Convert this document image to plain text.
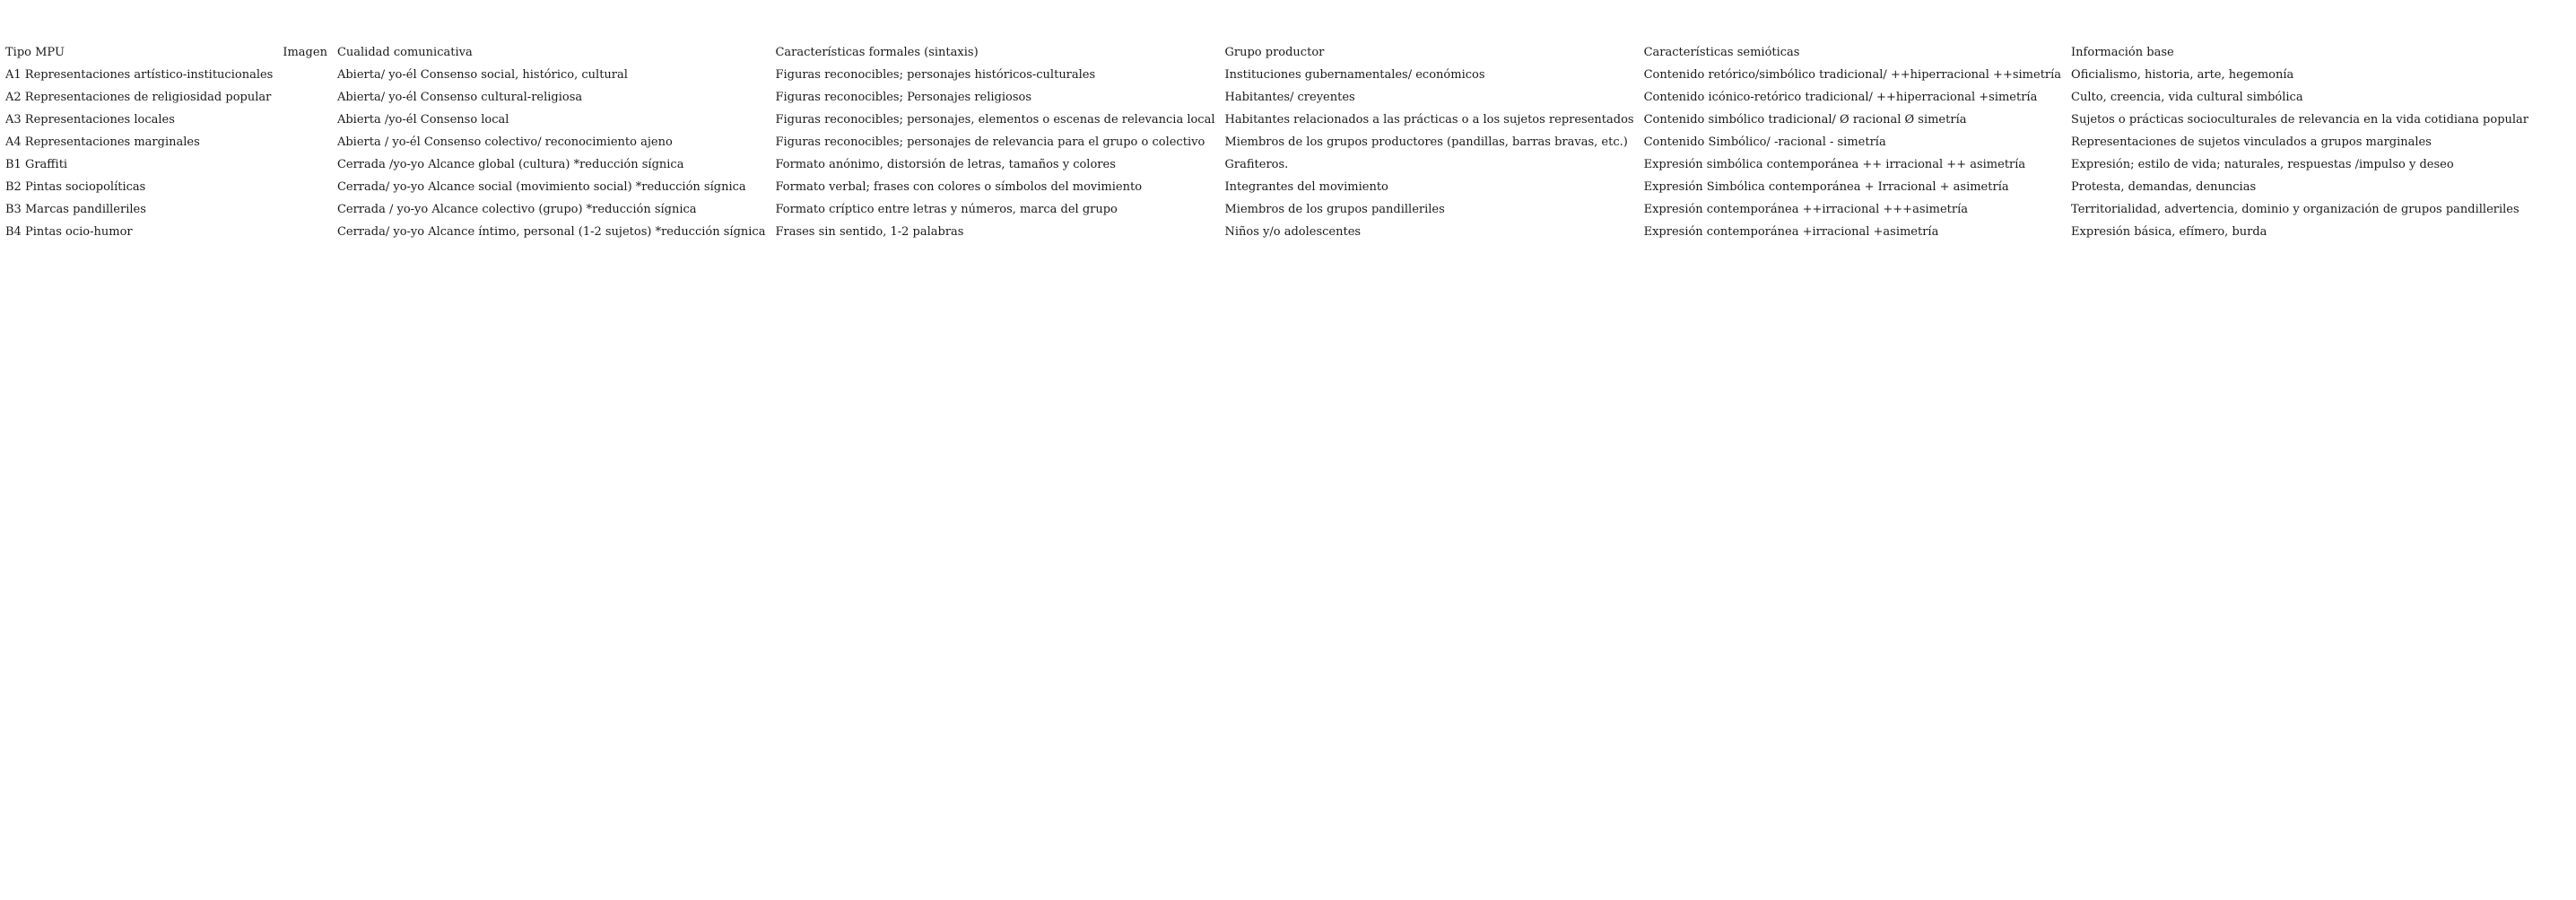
Tipo MPU	Imagen	Cualidad comunicativa	Características formales (sintaxis)	Grupo productor	Características semióticas	Información base
A1 Representaciones artístico-institucionales		Abierta/ yo-él Consenso social, histórico, cultural	Figuras reconocibles; personajes históricos-culturales	Instituciones gubernamentales/ económicos	Contenido retórico/simbólico tradicional/ ++hiperracional ++simetría	Oficialismo, historia, arte, hegemonía
A2 Representaciones de religiosidad popular		Abierta/ yo-él Consenso cultural-religiosa	Figuras reconocibles; Personajes religiosos	Habitantes/ creyentes	Contenido icónico-retórico tradicional/ ++hiperracional +simetría	Culto, creencia, vida cultural simbólica
A3 Representaciones locales		Abierta /yo-él Consenso local	Figuras reconocibles; personajes, elementos o escenas de relevancia local	Habitantes relacionados a las prácticas o a los sujetos representados	Contenido simbólico tradicional/ Ø racional Ø simetría	Sujetos o prácticas socioculturales de relevancia en la vida cotidiana popular
A4 Representaciones marginales		Abierta / yo-él Consenso colectivo/ reconocimiento ajeno	Figuras reconocibles; personajes de relevancia para el grupo o colectivo	Miembros de los grupos productores (pandillas, barras bravas, etc.)	Contenido Simbólico/ -racional - simetría	Representaciones de sujetos vinculados a grupos marginales
B1 Graffiti		Cerrada /yo-yo Alcance global (cultura) *reducción sígnica	Formato anónimo, distorsión de letras, tamaños y colores	Grafiteros.	Expresión simbólica contemporánea ++ irracional ++ asimetría	Expresión; estilo de vida; naturales, respuestas /impulso y deseo
B2 Pintas sociopolíticas		Cerrada/ yo-yo Alcance social (movimiento social) *reducción sígnica	Formato verbal; frases con colores o símbolos del movimiento	Integrantes del movimiento	Expresión Simbólica contemporánea + Irracional + asimetría	Protesta, demandas, denuncias
B3 Marcas pandilleriles		Cerrada / yo-yo Alcance colectivo (grupo) *reducción sígnica	Formato críptico entre letras y números, marca del grupo	Miembros de los grupos pandilleriles	Expresión contemporánea ++irracional +++asimetría	Territorialidad, advertencia, dominio y organización de grupos pandilleriles
B4 Pintas ocio-humor		Cerrada/ yo-yo Alcance íntimo, personal (1-2 sujetos) *reducción sígnica	Frases sin sentido, 1-2 palabras	Niños y/o adolescentes	Expresión contemporánea +irracional +asimetría	Expresión básica, efímero, burda
